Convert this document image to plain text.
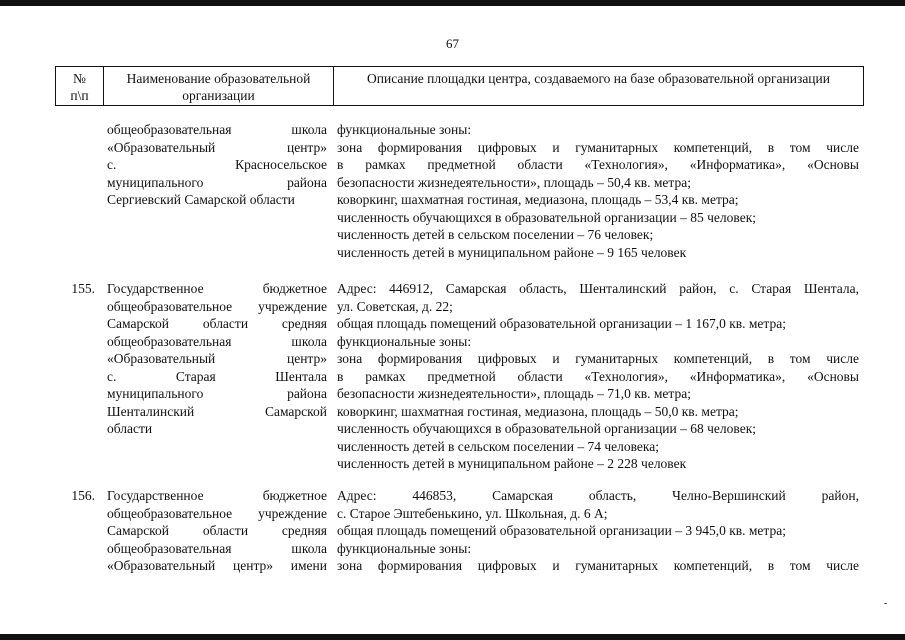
67
№
п\п
Наименование образовательной
организации
Описание площадки центра, создаваемого на базе образовательной организации
общеобразовательная школа
«Образовательный центр»
с. Красносельское
муниципального района
Сергиевский Самарской области
функциональные зоны:
зона формирования цифровых и гуманитарных компетенций, в том числе
в рамках предметной области «Технология», «Информатика», «Основы
безопасности жизнедеятельности», площадь – 50,4 кв. метра;
коворкинг, шахматная гостиная, медиазона, площадь – 53,4 кв. метра;
численность обучающихся в образовательной организации – 85 человек;
численность детей в сельском поселении – 76 человек;
численность детей в муниципальном районе – 9 165 человек
155. Государственное бюджетное
общеобразовательное учреждение
Самарской области средняя
общеобразовательная школа
«Образовательный центр»
с. Старая Шентала
муниципального района
Шенталинский Самарской
области
Адрес: 446912, Самарская область, Шенталинский район, с. Старая Шентала,
ул. Советская, д. 22;
общая площадь помещений образовательной организации – 1 167,0 кв. метра;
функциональные зоны:
зона формирования цифровых и гуманитарных компетенций, в том числе
в рамках предметной области «Технология», «Информатика», «Основы
безопасности жизнедеятельности», площадь – 71,0 кв. метра;
коворкинг, шахматная гостиная, медиазона, площадь – 50,0 кв. метра;
численность обучающихся в образовательной организации – 68 человек;
численность детей в сельском поселении – 74 человека;
численность детей в муниципальном районе – 2 228 человек
156. Государственное бюджетное
общеобразовательное учреждение
Самарской области средняя
общеобразовательная школа
«Образовательный центр» имени
Адрес: 446853, Самарская область, Челно-Вершинский район,
с. Старое Эштебенькино, ул. Школьная, д. 6 А;
общая площадь помещений образовательной организации – 3 945,0 кв. метра;
функциональные зоны:
зона формирования цифровых и гуманитарных компетенций, в том числе
-
